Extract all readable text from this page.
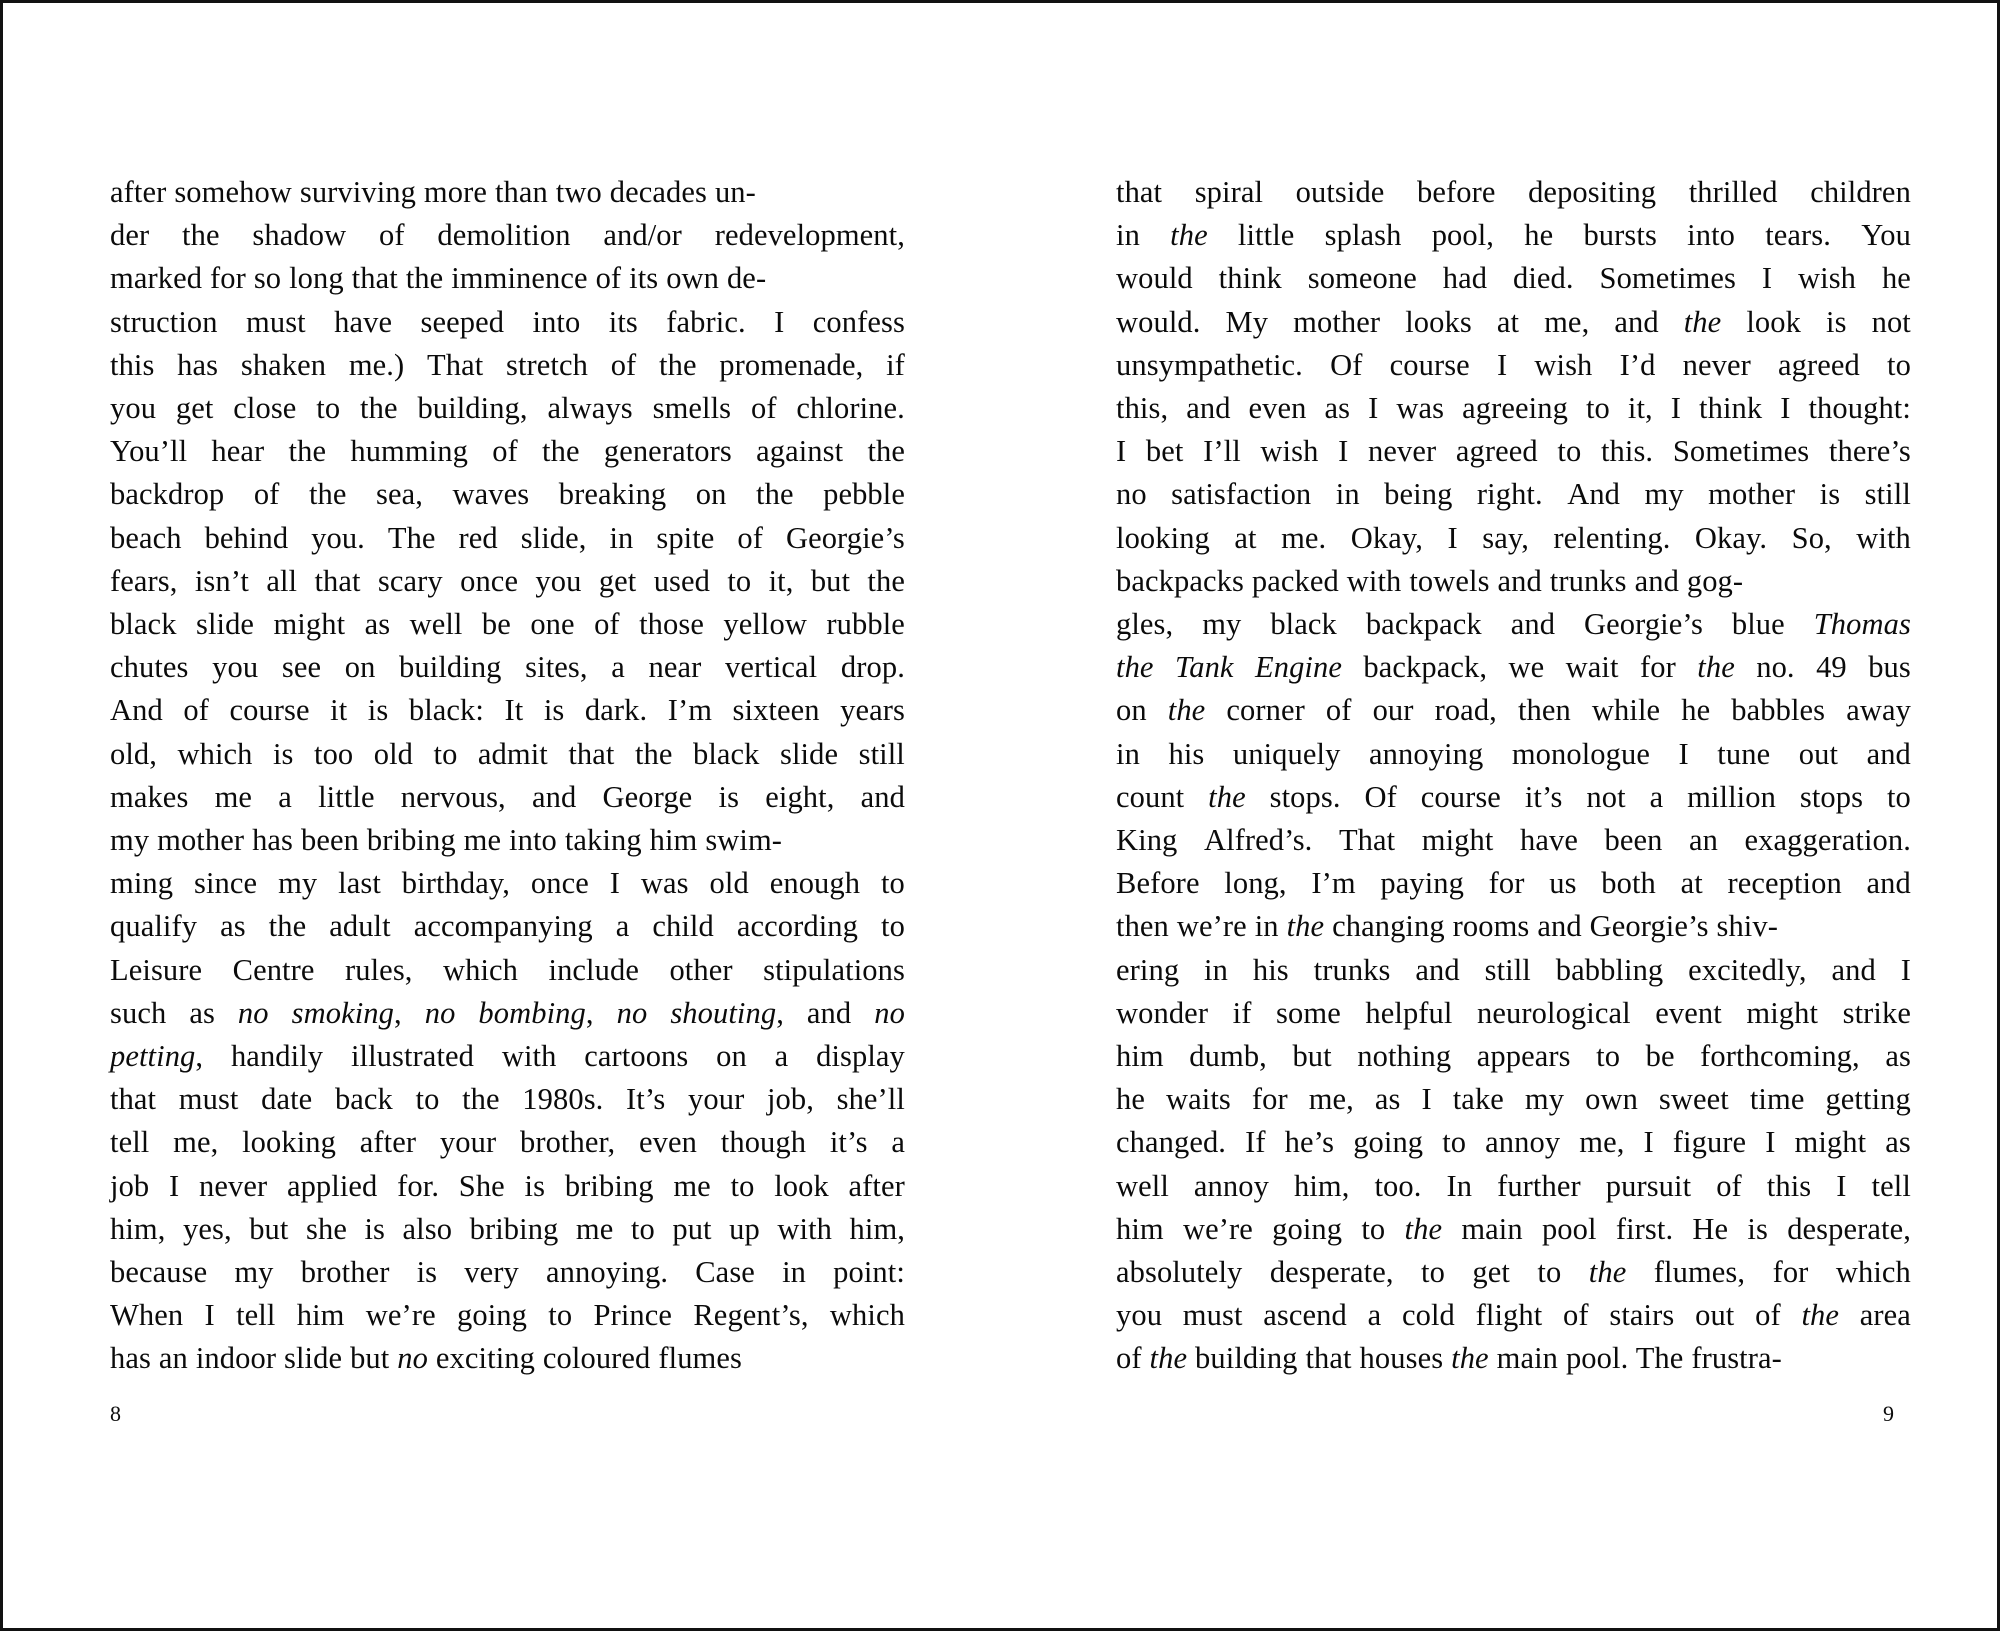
after somehow surviving more than two decades un-
der the shadow of demolition and/or redevelopment,
marked for so long that the imminence of its own de-
struction must have seeped into its fabric. I confess
this has shaken me.) That stretch of the promenade, if
you get close to the building, always smells of chlorine.
You’ll hear the humming of the generators against the
backdrop of the sea, waves breaking on the pebble
beach behind you. The red slide, in spite of Georgie’s
fears, isn’t all that scary once you get used to it, but the
black slide might as well be one of those yellow rubble
chutes you see on building sites, a near vertical drop.
And of course it is black: It is dark. I’m sixteen years
old, which is too old to admit that the black slide still
makes me a little nervous, and George is eight, and
my mother has been bribing me into taking him swim-
ming since my last birthday, once I was old enough to
qualify as the adult accompanying a child according to
Leisure Centre rules, which include other stipulations
such as no smoking, no bombing, no shouting, and no
petting, handily illustrated with cartoons on a display
that must date back to the 1980s. It’s your job, she’ll
tell me, looking after your brother, even though it’s a
job I never applied for. She is bribing me to look after
him, yes, but she is also bribing me to put up with him,
because my brother is very annoying. Case in point:
When I tell him we’re going to Prince Regent’s, which
has an indoor slide but no exciting coloured flumes

that spiral outside before depositing thrilled children
in the little splash pool, he bursts into tears. You
would think someone had died. Sometimes I wish he
would. My mother looks at me, and the look is not
unsympathetic. Of course I wish I’d never agreed to
this, and even as I was agreeing to it, I think I thought:
I bet I’ll wish I never agreed to this. Sometimes there’s
no satisfaction in being right. And my mother is still
looking at me. Okay, I say, relenting. Okay. So, with
backpacks packed with towels and trunks and gog-
gles, my black backpack and Georgie’s blue Thomas
the Tank Engine backpack, we wait for the no. 49 bus
on the corner of our road, then while he babbles away
in his uniquely annoying monologue I tune out and
count the stops. Of course it’s not a million stops to
King Alfred’s. That might have been an exaggeration.
Before long, I’m paying for us both at reception and
then we’re in the changing rooms and Georgie’s shiv-
ering in his trunks and still babbling excitedly, and I
wonder if some helpful neurological event might strike
him dumb, but nothing appears to be forthcoming, as
he waits for me, as I take my own sweet time getting
changed. If he’s going to annoy me, I figure I might as
well annoy him, too. In further pursuit of this I tell
him we’re going to the main pool first. He is desperate,
absolutely desperate, to get to the flumes, for which
you must ascend a cold flight of stairs out of the area
of the building that houses the main pool. The frustra-

8	9
